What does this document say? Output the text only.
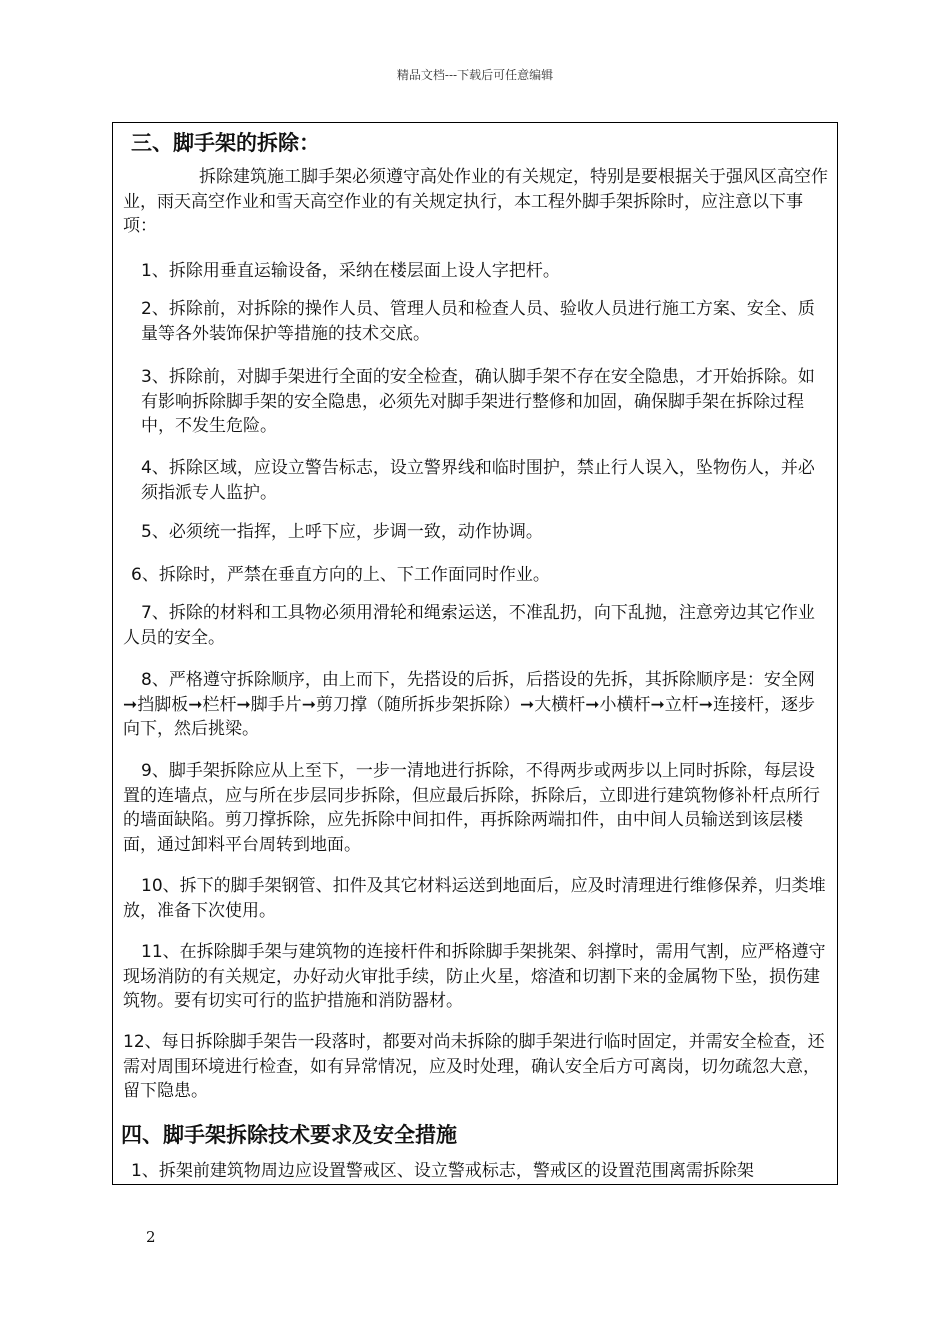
精品文档---下载后可任意编辑
三、脚手架的拆除：

拆除建筑施工脚手架必须遵守高处作业的有关规定，特别是要根据关于强风区高空作业，雨天高空作业和雪天高空作业的有关规定执行，本工程外脚手架拆除时，应注意以下事项：

1、拆除用垂直运输设备，采纳在楼层面上设人字把杆。

2、拆除前，对拆除的操作人员、管理人员和检查人员、验收人员进行施工方案、安全、质量等各外装饰保护等措施的技术交底。

3、拆除前，对脚手架进行全面的安全检查，确认脚手架不存在安全隐患，才开始拆除。如有影响拆除脚手架的安全隐患，必须先对脚手架进行整修和加固，确保脚手架在拆除过程中，不发生危险。

4、拆除区域，应设立警告标志，设立警界线和临时围护，禁止行人误入，坠物伤人，并必须指派专人监护。

5、必须统一指挥，上呼下应，步调一致，动作协调。

6、拆除时，严禁在垂直方向的上、下工作面同时作业。

7、拆除的材料和工具物必须用滑轮和绳索运送，不准乱扔，向下乱抛，注意旁边其它作业人员的安全。

8、严格遵守拆除顺序，由上而下，先搭设的后拆，后搭设的先拆，其拆除顺序是：安全网➞挡脚板➞栏杆➞脚手片➞剪刀撑（随所拆步架拆除）➞大横杆➞小横杆➞立杆➞连接杆，逐步向下，然后挑梁。

9、脚手架拆除应从上至下，一步一清地进行拆除，不得两步或两步以上同时拆除，每层设置的连墙点，应与所在步层同步拆除，但应最后拆除，拆除后，立即进行建筑物修补杆点所行的墙面缺陷。剪刀撑拆除，应先拆除中间扣件，再拆除两端扣件，由中间人员输送到该层楼面，通过卸料平台周转到地面。

10、拆下的脚手架钢管、扣件及其它材料运送到地面后，应及时清理进行维修保养，归类堆放，准备下次使用。

11、在拆除脚手架与建筑物的连接杆件和拆除脚手架挑架、斜撑时，需用气割，应严格遵守现场消防的有关规定，办好动火审批手续，防止火星，熔渣和切割下来的金属物下坠，损伤建筑物。要有切实可行的监护措施和消防器材。

12、每日拆除脚手架告一段落时，都要对尚未拆除的脚手架进行临时固定，并需安全检查，还需对周围环境进行检查，如有异常情况，应及时处理，确认安全后方可离岗，切勿疏忽大意，留下隐患。

四、脚手架拆除技术要求及安全措施

1、拆架前建筑物周边应设置警戒区、设立警戒标志，警戒区的设置范围离需拆除架

2
